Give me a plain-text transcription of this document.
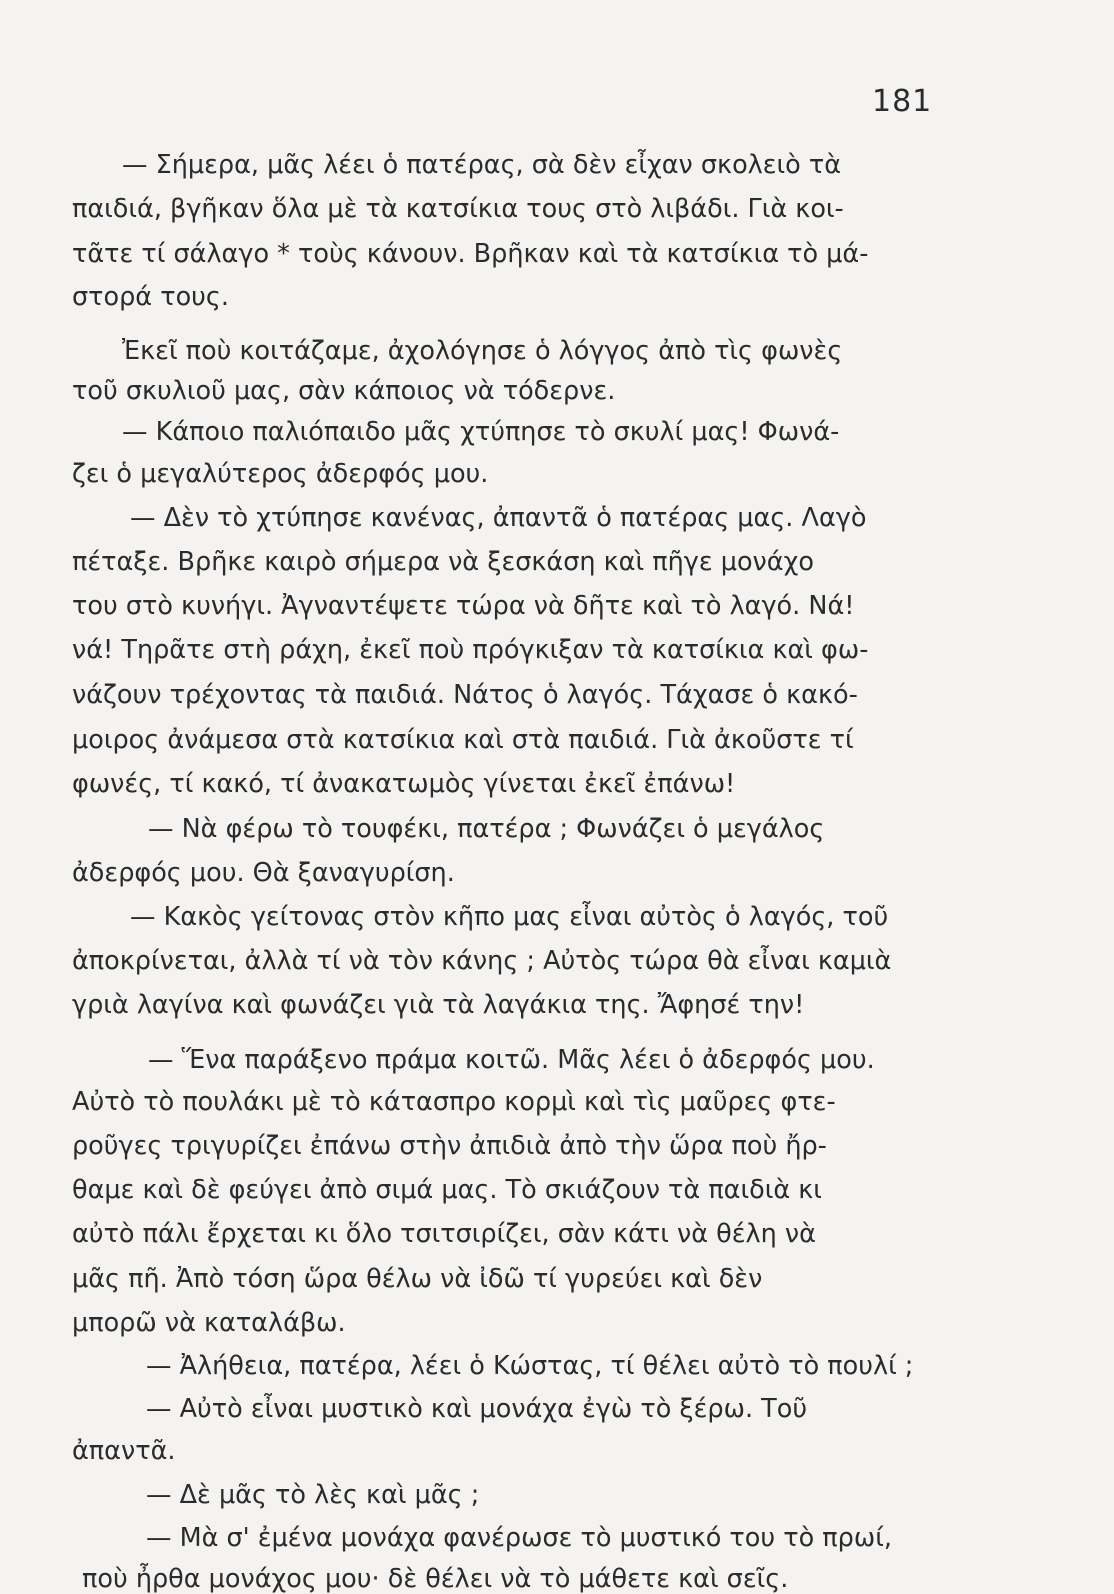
181
— Σήμερα, μᾶς λέει ὁ πατέρας, σὰ δὲν εἶχαν σκολειὸ τὰ
παιδιά, βγῆκαν ὅλα μὲ τὰ κατσίκια τους στὸ λιβάδι. Γιὰ κοι-
τᾶτε τί σάλαγο * τοὺς κάνουν. Βρῆκαν καὶ τὰ κατσίκια τὸ μά-
στορά τους.
Ἐκεῖ ποὺ κοιτάζαμε, ἀχολόγησε ὁ λόγγος ἀπὸ τὶς φωνὲς
τοῦ σκυλιοῦ μας, σὰν κάποιος νὰ τόδερνε.
— Κάποιο παλιόπαιδο μᾶς χτύπησε τὸ σκυλί μας! Φωνά-
ζει ὁ μεγαλύτερος ἀδερφός μου.
— Δὲν τὸ χτύπησε κανένας, ἀπαντᾶ ὁ πατέρας μας. Λαγὸ
πέταξε. Βρῆκε καιρὸ σήμερα νὰ ξεσκάση καὶ πῆγε μονάχο
του στὸ κυνήγι. Ἀγναντέψετε τώρα νὰ δῆτε καὶ τὸ λαγό. Νά!
νά! Τηρᾶτε στὴ ράχη, ἐκεῖ ποὺ πρόγκιξαν τὰ κατσίκια καὶ φω-
νάζουν τρέχοντας τὰ παιδιά. Νάτος ὁ λαγός. Τάχασε ὁ κακό-
μοιρος ἀνάμεσα στὰ κατσίκια καὶ στὰ παιδιά. Γιὰ ἀκοῦστε τί
φωνές, τί κακό, τί ἀνακατωμὸς γίνεται ἐκεῖ ἐπάνω!
— Νὰ φέρω τὸ τουφέκι, πατέρα ; Φωνάζει ὁ μεγάλος
ἀδερφός μου. Θὰ ξαναγυρίση.
— Κακὸς γείτονας στὸν κῆπο μας εἶναι αὐτὸς ὁ λαγός, τοῦ
ἀποκρίνεται, ἀλλὰ τί νὰ τὸν κάνης ; Αὐτὸς τώρα θὰ εἶναι καμιὰ
γριὰ λαγίνα καὶ φωνάζει γιὰ τὰ λαγάκια της. Ἄφησέ την!
— Ἕνα παράξενο πράμα κοιτῶ. Μᾶς λέει ὁ ἀδερφός μου.
Αὐτὸ τὸ πουλάκι μὲ τὸ κάτασπρο κορμὶ καὶ τὶς μαῦρες φτε-
ροῦγες τριγυρίζει ἐπάνω στὴν ἀπιδιὰ ἀπὸ τὴν ὥρα ποὺ ἤρ-
θαμε καὶ δὲ φεύγει ἀπὸ σιμά μας. Τὸ σκιάζουν τὰ παιδιὰ κι
αὐτὸ πάλι ἔρχεται κι ὅλο τσιτσιρίζει, σὰν κάτι νὰ θέλη νὰ
μᾶς πῆ. Ἀπὸ τόση ὥρα θέλω νὰ ἰδῶ τί γυρεύει καὶ δὲν
μπορῶ νὰ καταλάβω.
— Ἀλήθεια, πατέρα, λέει ὁ Κώστας, τί θέλει αὐτὸ τὸ πουλί ;
— Αὐτὸ εἶναι μυστικὸ καὶ μονάχα ἐγὼ τὸ ξέρω. Τοῦ
ἀπαντᾶ.
— Δὲ μᾶς τὸ λὲς καὶ μᾶς ;
— Μὰ σ' ἐμένα μονάχα φανέρωσε τὸ μυστικό του τὸ πρωί,
ποὺ ἦρθα μονάχος μου· δὲ θέλει νὰ τὸ μάθετε καὶ σεῖς.
